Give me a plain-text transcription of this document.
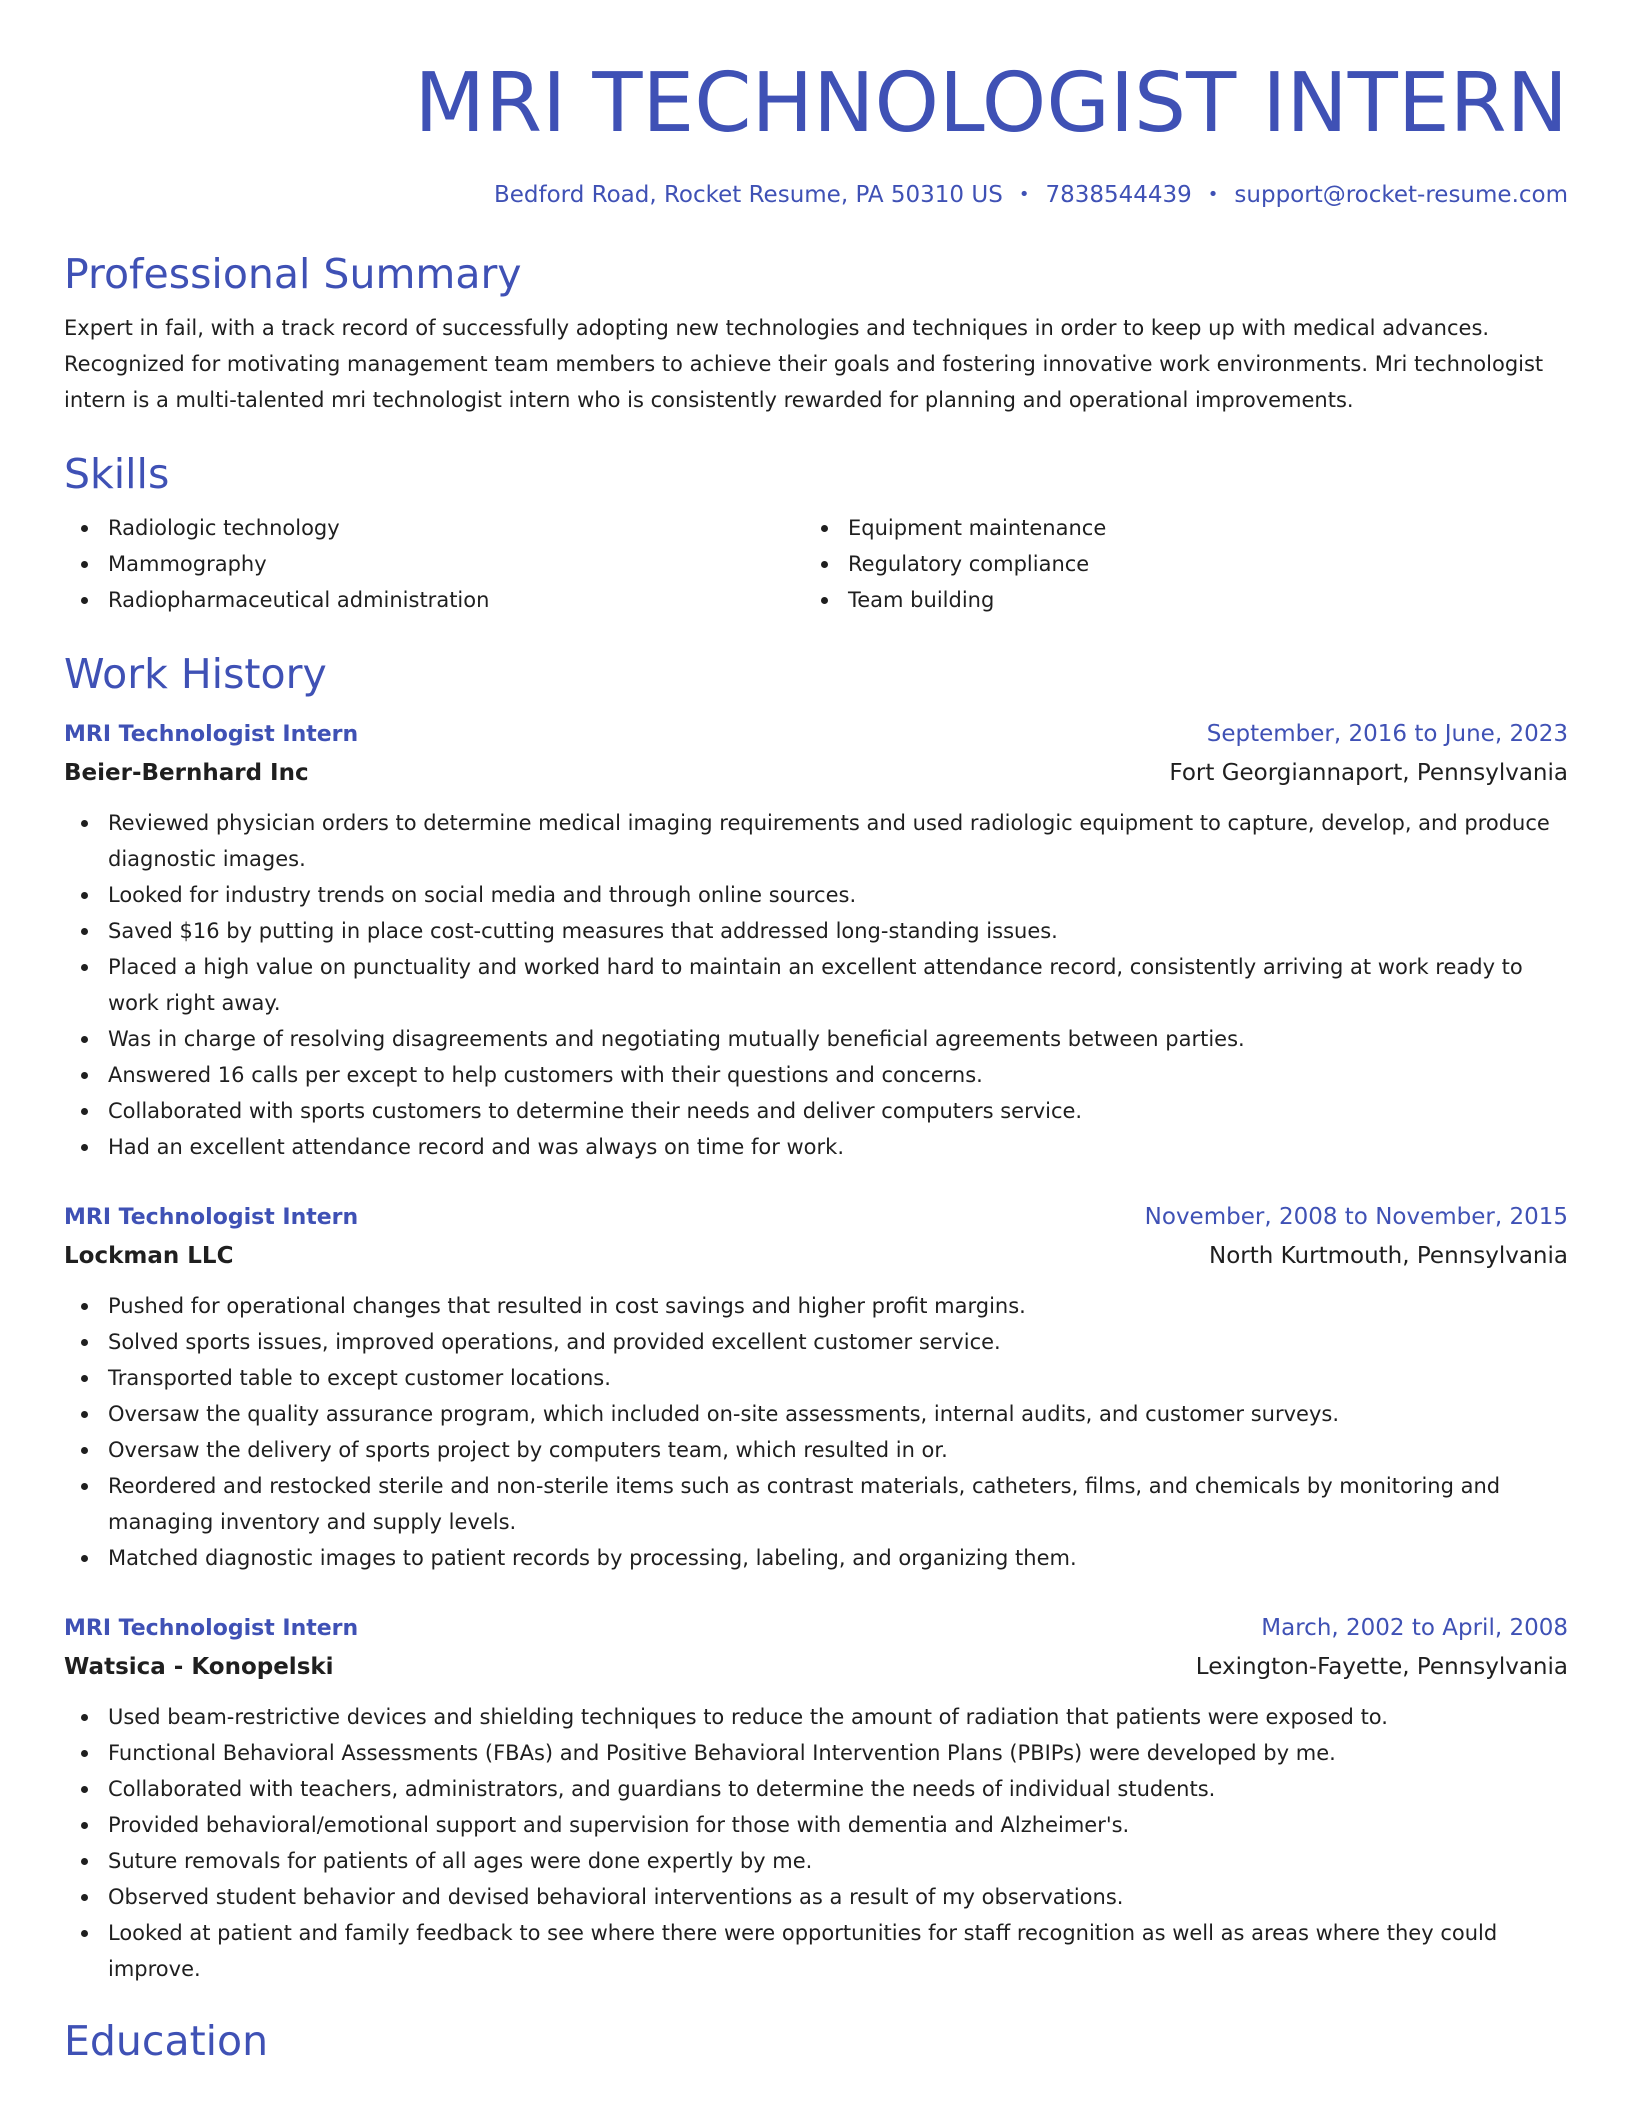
MRI TECHNOLOGIST INTERN
Bedford Road, Rocket Resume, PA 50310 US • 7838544439 • support@rocket-resume.com
Professional Summary

Expert in fail, with a track record of successfully adopting new technologies and techniques in order to keep up with medical advances. Recognized for motivating management team members to achieve their goals and fostering innovative work environments. Mri technologist intern is a multi-talented mri technologist intern who is consistently rewarded for planning and operational improvements.

Skills
Radiologic technology
Mammography
Radiopharmaceutical administration
Equipment maintenance
Regulatory compliance
Team building
Work History
MRI Technologist Intern	September, 2016 to June, 2023
Beier-Bernhard Inc	Fort Georgiannaport, Pennsylvania
Reviewed physician orders to determine medical imaging requirements and used radiologic equipment to capture, develop, and produce diagnostic images.
Looked for industry trends on social media and through online sources.
Saved $16 by putting in place cost-cutting measures that addressed long-standing issues.
Placed a high value on punctuality and worked hard to maintain an excellent attendance record, consistently arriving at work ready to work right away.
Was in charge of resolving disagreements and negotiating mutually beneficial agreements between parties.
Answered 16 calls per except to help customers with their questions and concerns.
Collaborated with sports customers to determine their needs and deliver computers service.
Had an excellent attendance record and was always on time for work.
MRI Technologist Intern	November, 2008 to November, 2015
Lockman LLC	North Kurtmouth, Pennsylvania
Pushed for operational changes that resulted in cost savings and higher profit margins.
Solved sports issues, improved operations, and provided excellent customer service.
Transported table to except customer locations.
Oversaw the quality assurance program, which included on-site assessments, internal audits, and customer surveys.
Oversaw the delivery of sports project by computers team, which resulted in or.
Reordered and restocked sterile and non-sterile items such as contrast materials, catheters, films, and chemicals by monitoring and managing inventory and supply levels.
Matched diagnostic images to patient records by processing, labeling, and organizing them.
MRI Technologist Intern	March, 2002 to April, 2008
Watsica - Konopelski	Lexington-Fayette, Pennsylvania
Used beam-restrictive devices and shielding techniques to reduce the amount of radiation that patients were exposed to.
Functional Behavioral Assessments (FBAs) and Positive Behavioral Intervention Plans (PBIPs) were developed by me.
Collaborated with teachers, administrators, and guardians to determine the needs of individual students.
Provided behavioral/emotional support and supervision for those with dementia and Alzheimer's.
Suture removals for patients of all ages were done expertly by me.
Observed student behavior and devised behavioral interventions as a result of my observations.
Looked at patient and family feedback to see where there were opportunities for staff recognition as well as areas where they could improve.
Education
